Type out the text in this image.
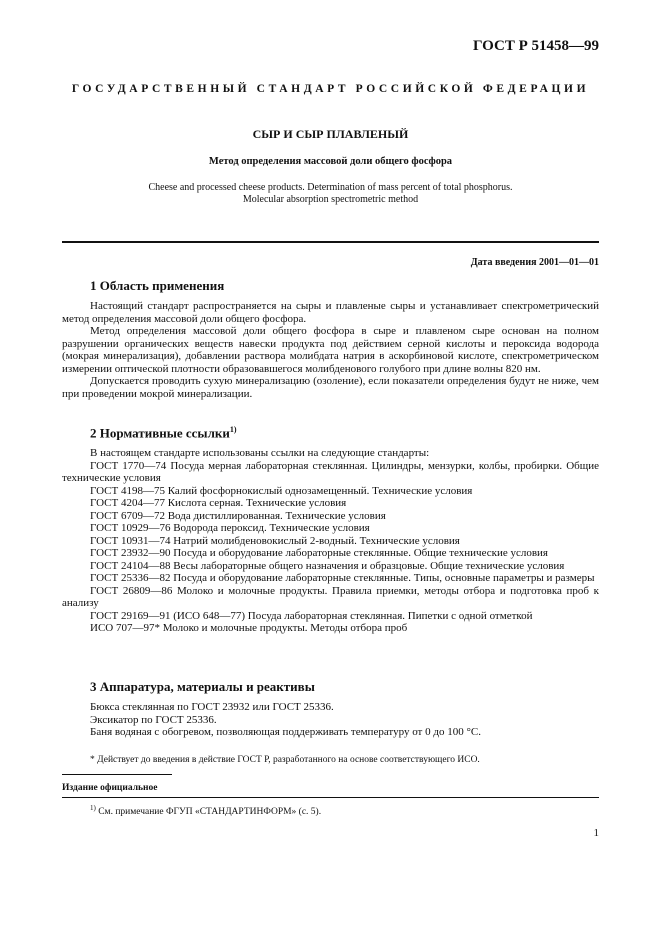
ГОСТ Р 51458—99
ГОСУДАРСТВЕННЫЙ СТАНДАРТ РОССИЙСКОЙ ФЕДЕРАЦИИ
СЫР И СЫР ПЛАВЛЕНЫЙ
Метод определения массовой доли общего фосфора
Cheese and processed cheese products. Determination of mass percent of total phosphorus. Molecular absorption spectrometric method
Дата введения 2001—01—01
1 Область применения

Настоящий стандарт распространяется на сыры и плавленые сыры и устанавливает спектрометрический метод определения массовой доли общего фосфора.

Метод определения массовой доли общего фосфора в сыре и плавленом сыре основан на полном разрушении органических веществ навески продукта под действием серной кислоты и пероксида водорода (мокрая минерализация), добавлении раствора молибдата натрия в аскорбиновой кислоте, спектрометрическом измерении оптической плотности образовавшегося молибденового голубого при длине волны 820 нм.

Допускается проводить сухую минерализацию (озоление), если показатели определения будут не ниже, чем при проведении мокрой минерализации.

2 Нормативные ссылки$^{1)}$

В настоящем стандарте использованы ссылки на следующие стандарты:

ГОСТ 1770—74 Посуда мерная лабораторная стеклянная. Цилиндры, мензурки, колбы, пробирки. Общие технические условия

ГОСТ 4198—75 Калий фосфорнокислый однозамещенный. Технические условия

ГОСТ 4204—77 Кислота серная. Технические условия

ГОСТ 6709—72 Вода дистиллированная. Технические условия

ГОСТ 10929—76 Водорода пероксид. Технические условия

ГОСТ 10931—74 Натрий молибденовокислый 2-водный. Технические условия

ГОСТ 23932—90 Посуда и оборудование лабораторные стеклянные. Общие технические условия

ГОСТ 24104—88 Весы лабораторные общего назначения и образцовые. Общие технические условия

ГОСТ 25336—82 Посуда и оборудование лабораторные стеклянные. Типы, основные параметры и размеры

ГОСТ 26809—86 Молоко и молочные продукты. Правила приемки, методы отбора и подготовка проб к анализу

ГОСТ 29169—91 (ИСО 648—77) Посуда лабораторная стеклянная. Пипетки с одной отметкой

ИСО 707—97* Молоко и молочные продукты. Методы отбора проб

3 Аппаратура, материалы и реактивы

Бюкса стеклянная по ГОСТ 23932 или ГОСТ 25336.

Эксикатор по ГОСТ 25336.

Баня водяная с обогревом, позволяющая поддерживать температуру от 0 до 100 °С.

* Действует до введения в действие ГОСТ Р, разработанного на основе соответствующего ИСО.
Издание официальное
$^{1)}$ См. примечание ФГУП «СТАНДАРТИНФОРМ» (с. 5).
1
